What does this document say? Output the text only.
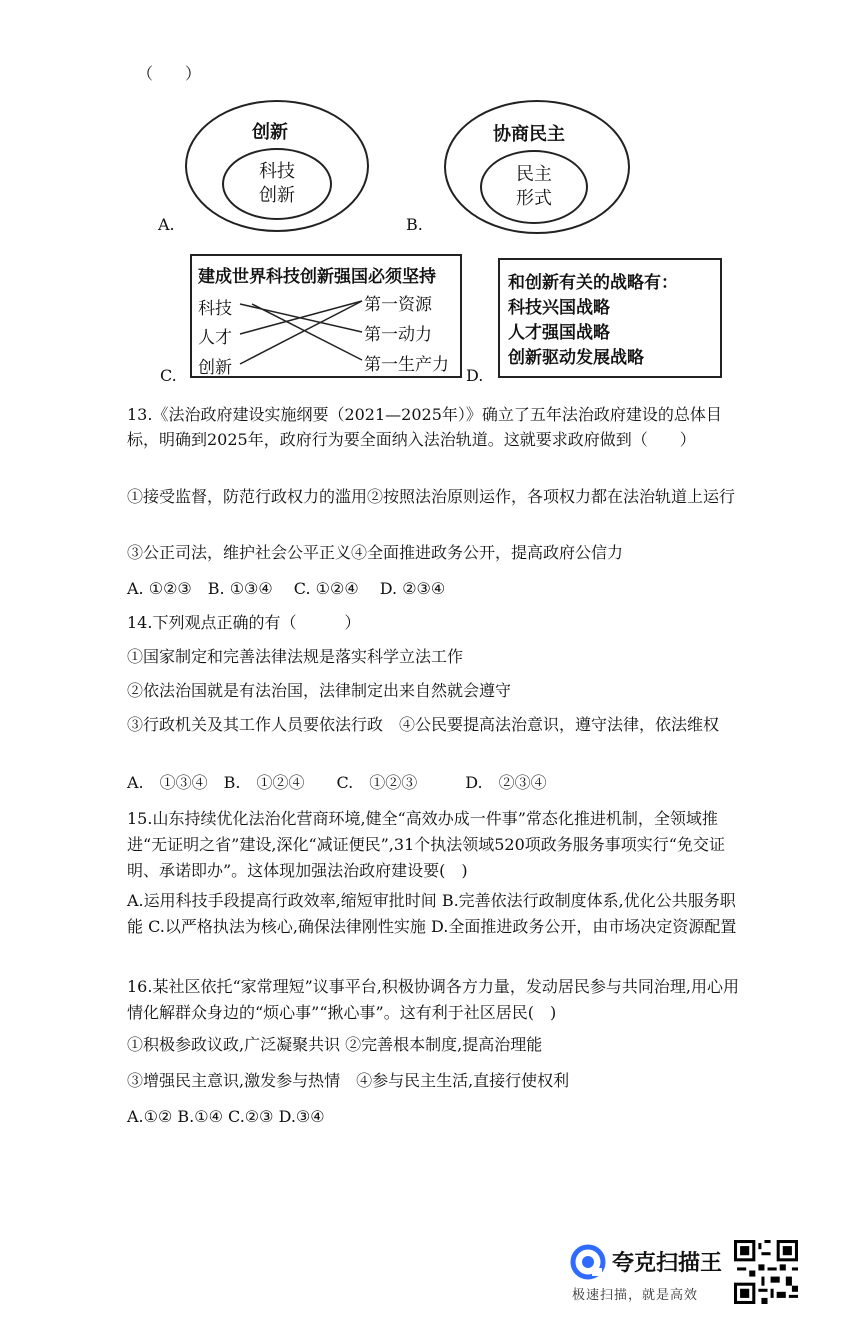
（　　）
A.
创新
科技
创新
B.
协商民主
民主
形式
C.
建成世界科技创新强国必须坚持
科技
人才
创新
第一资源
第一动力
第一生产力
D.
和创新有关的战略有：
科技兴国战略
人才强国战略
创新驱动发展战略
13.《法治政府建设实施纲要（2021—2025年）》确立了五年法治政府建设的总体目标，明确到2025年，政府行为要全面纳入法治轨道。这就要求政府做到（　　）
①接受监督，防范行政权力的滥用②按照法治原则运作，各项权力都在法治轨道上运行
③公正司法，维护社会公平正义④全面推进政务公开，提高政府公信力
A. ①②③　B. ①③④　 C. ①②④　 D. ②③④
14.下列观点正确的有（　　　）
①国家制定和完善法律法规是落实科学立法工作
②依法治国就是有法治国，法律制定出来自然就会遵守
③行政机关及其工作人员要依法行政　④公民要提高法治意识，遵守法律，依法维权
A.　①③④　B.　①②④　　C.　①②③　　　D.　②③④
15.山东持续优化法治化营商环境,健全“高效办成一件事”常态化推进机制，全领域推进“无证明之省”建设,深化“减证便民”,31个执法领域520项政务服务事项实行“免交证明、承诺即办”。这体现加强法治政府建设要(　)
A.运用科技手段提高行政效率,缩短审批时间 B.完善依法行政制度体系,优化公共服务职能 C.以严格执法为核心,确保法律刚性实施 D.全面推进政务公开，由市场决定资源配置
16.某社区依托“家常理短”议事平台,积极协调各方力量，发动居民参与共同治理,用心用情化解群众身边的“烦心事”“揪心事”。这有利于社区居民(　)
①积极参政议政,广泛凝聚共识 ②完善根本制度,提高治理能
③增强民主意识,激发参与热情　④参与民主生活,直接行使权利
A.①② B.①④ C.②③ D.③④
夸克扫描王
极速扫描，就是高效
